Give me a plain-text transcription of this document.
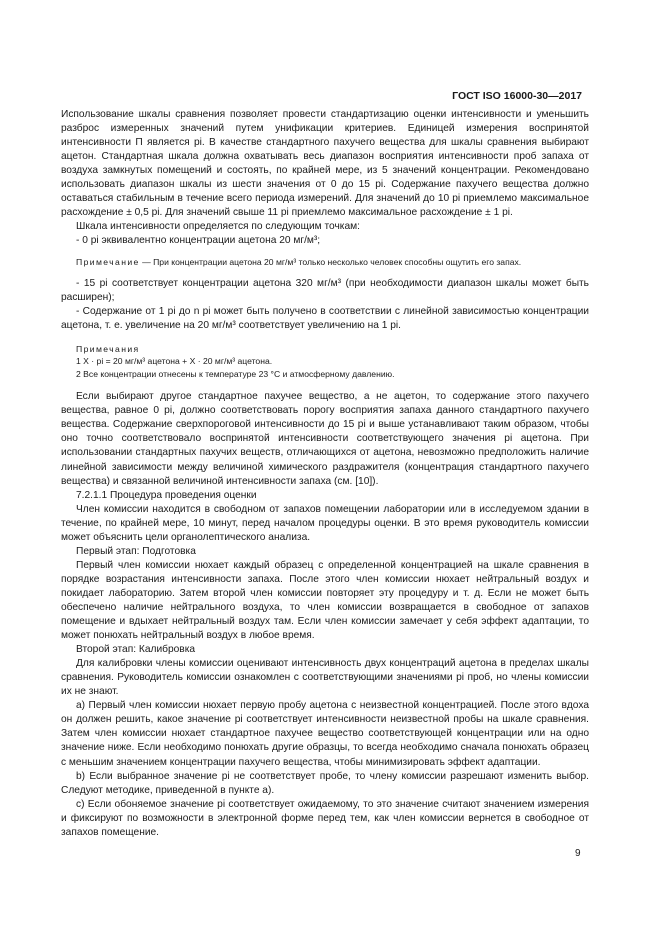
ГОСТ ISO 16000-30—2017

Использование шкалы сравнения позволяет провести стандартизацию оценки интенсивности и уменьшить разброс измеренных значений путем унификации критериев. Единицей измерения воспринятой интенсивности Π является pi. В качестве стандартного пахучего вещества для шкалы сравнения выбирают ацетон. Стандартная шкала должна охватывать весь диапазон восприятия интенсивности проб запаха от воздуха замкнутых помещений и состоять, по крайней мере, из 5 значений концентрации. Рекомендовано использовать диапазон шкалы из шести значения от 0 до 15 pi. Содержание пахучего вещества должно оставаться стабильным в течение всего периода измерений. Для значений до 10 pi приемлемо максимальное расхождение ± 0,5 pi. Для значений свыше 11 pi приемлемо максимальное расхождение ± 1 pi.

Шкала интенсивности определяется по следующим точкам:

- 0 pi эквивалентно концентрации ацетона 20 мг/м³;

Примечание — При концентрации ацетона 20 мг/м³ только несколько человек способны ощутить его запах.

- 15 pi соответствует концентрации ацетона 320 мг/м³ (при необходимости диапазон шкалы может быть расширен);

- Содержание от 1 pi до n pi может быть получено в соответствии с линейной зависимостью концентрации ацетона, т. е. увеличение на 20 мг/м³ соответствует увеличению на 1 pi.

Примечания

1 X · pi = 20 мг/м³ ацетона + X · 20 мг/м³ ацетона.

2 Все концентрации отнесены к температуре 23 °С и атмосферному давлению.

Если выбирают другое стандартное пахучее вещество, а не ацетон, то содержание этого пахучего вещества, равное 0 pi, должно соответствовать порогу восприятия запаха данного стандартного пахучего вещества. Содержание сверхпороговой интенсивности до 15 pi и выше устанавливают таким образом, чтобы оно точно соответствовало воспринятой интенсивности соответствующего значения pi ацетона. При использовании стандартных пахучих веществ, отличающихся от ацетона, невозможно предположить наличие линейной зависимости между величиной химического раздражителя (концентрация стандартного пахучего вещества) и связанной величиной интенсивности запаха (см. [10]).

7.2.1.1 Процедура проведения оценки

Член комиссии находится в свободном от запахов помещении лаборатории или в исследуемом здании в течение, по крайней мере, 10 минут, перед началом процедуры оценки. В это время руководитель комиссии может объяснить цели органолептического анализа.

Первый этап: Подготовка

Первый член комиссии нюхает каждый образец с определенной концентрацией на шкале сравнения в порядке возрастания интенсивности запаха. После этого член комиссии нюхает нейтральный воздух и покидает лабораторию. Затем второй член комиссии повторяет эту процедуру и т. д. Если не может быть обеспечено наличие нейтрального воздуха, то член комиссии возвращается в свободное от запахов помещение и вдыхает нейтральный воздух там. Если член комиссии замечает у себя эффект адаптации, то может понюхать нейтральный воздух в любое время.

Второй этап: Калибровка

Для калибровки члены комиссии оценивают интенсивность двух концентраций ацетона в пределах шкалы сравнения. Руководитель комиссии ознакомлен с соответствующими значениями pi проб, но члены комиссии их не знают.

a) Первый член комиссии нюхает первую пробу ацетона с неизвестной концентрацией. После этого вдоха он должен решить, какое значение pi соответствует интенсивности неизвестной пробы на шкале сравнения. Затем член комиссии нюхает стандартное пахучее вещество соответствующей концентрации или на одно значение ниже. Если необходимо понюхать другие образцы, то всегда необходимо сначала понюхать образец с меньшим значением концентрации пахучего вещества, чтобы минимизировать эффект адаптации.

b) Если выбранное значение pi не соответствует пробе, то члену комиссии разрешают изменить выбор. Следуют методике, приведенной в пункте а).

c) Если обоняемое значение pi соответствует ожидаемому, то это значение считают значением измерения и фиксируют по возможности в электронной форме перед тем, как член комиссии вернется в свободное от запахов помещение.

9
